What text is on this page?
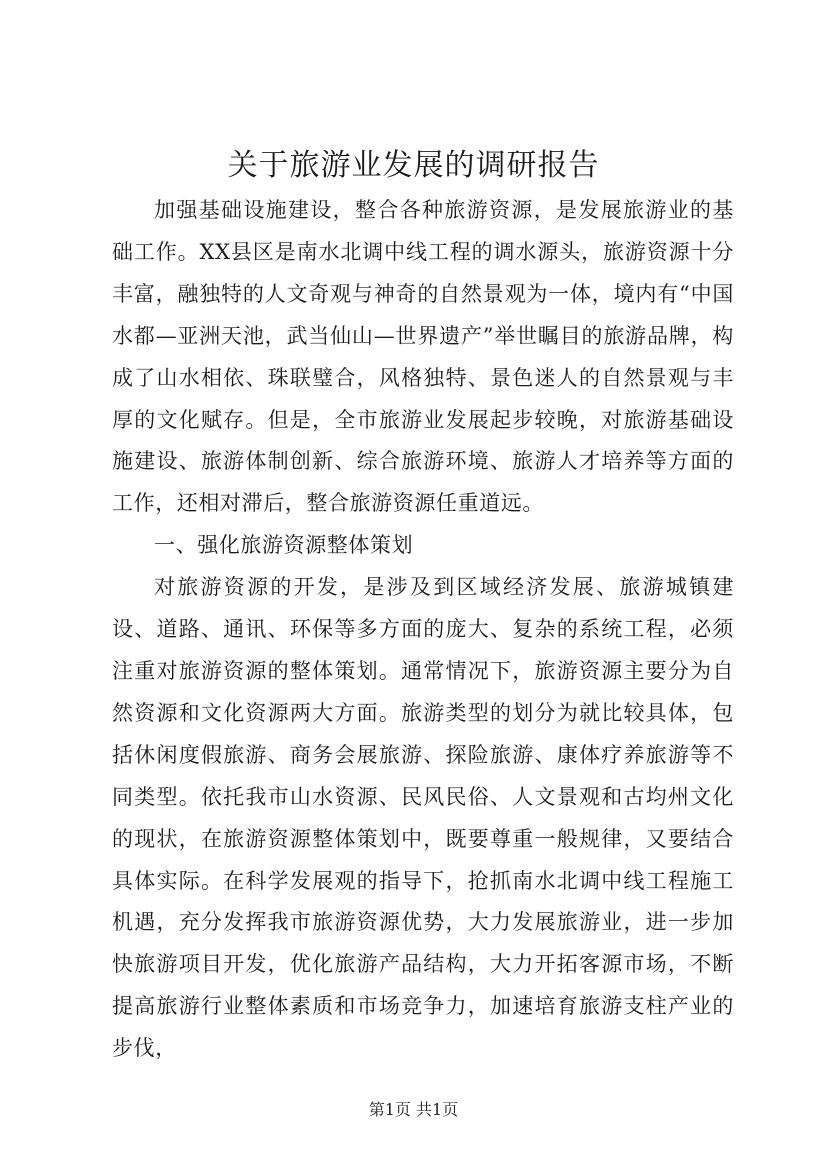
关于旅游业发展的调研报告

加强基础设施建设，整合各种旅游资源，是发展旅游业的基础工作。XX县区是南水北调中线工程的调水源头，旅游资源十分丰富，融独特的人文奇观与神奇的自然景观为一体，境内有“中国水都—亚洲天池，武当仙山—世界遗产”举世瞩目的旅游品牌，构成了山水相依、珠联璧合，风格独特、景色迷人的自然景观与丰厚的文化赋存。但是，全市旅游业发展起步较晚，对旅游基础设施建设、旅游体制创新、综合旅游环境、旅游人才培养等方面的工作，还相对滞后，整合旅游资源任重道远。

一、强化旅游资源整体策划

对旅游资源的开发，是涉及到区域经济发展、旅游城镇建设、道路、通讯、环保等多方面的庞大、复杂的系统工程，必须注重对旅游资源的整体策划。通常情况下，旅游资源主要分为自然资源和文化资源两大方面。旅游类型的划分为就比较具体，包括休闲度假旅游、商务会展旅游、探险旅游、康体疗养旅游等不同类型。依托我市山水资源、民风民俗、人文景观和古均州文化的现状，在旅游资源整体策划中，既要尊重一般规律，又要结合具体实际。在科学发展观的指导下，抢抓南水北调中线工程施工机遇，充分发挥我市旅游资源优势，大力发展旅游业，进一步加快旅游项目开发，优化旅游产品结构，大力开拓客源市场，不断提高旅游行业整体素质和市场竞争力，加速培育旅游支柱产业的步伐，

第1页 共1页
